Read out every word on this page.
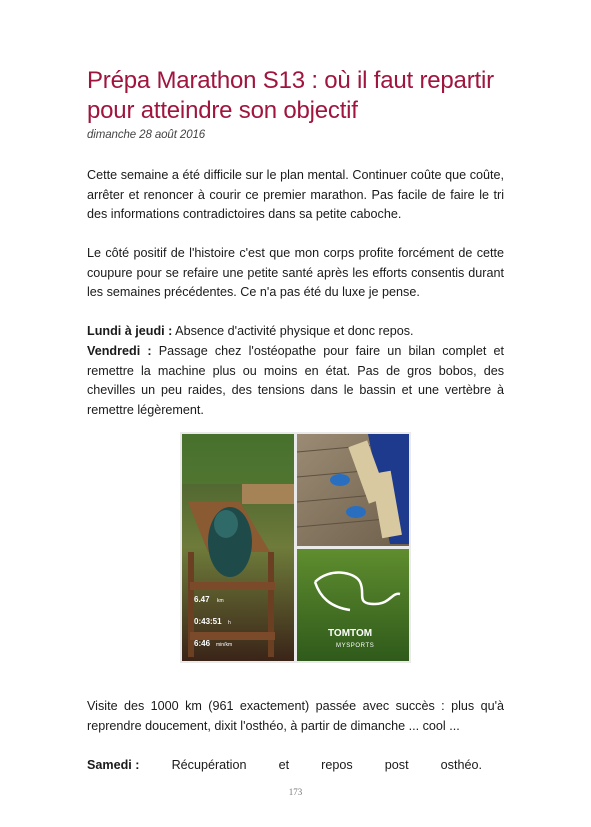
Prépa Marathon S13 : où il faut repartir pour atteindre son objectif

dimanche 28 août 2016

Cette semaine a été difficile sur le plan mental. Continuer coûte que coûte, arrêter et renoncer à courir ce premier marathon. Pas facile de faire le tri des informations contradictoires dans sa petite caboche.

Le côté positif de l'histoire c'est que mon corps profite forcément de cette coupure pour se refaire une petite santé après les efforts consentis durant les semaines précédentes. Ce n'a pas été du luxe je pense.

Lundi à jeudi : Absence d'activité physique et donc repos.

Vendredi : Passage chez l'ostéopathe pour faire un bilan complet et remettre la machine plus ou moins en état. Pas de gros bobos, des chevilles un peu raides, des tensions dans le bassin et une vertèbre à remettre légèrement.

6.47 km
0:43:51 h
6:46 min/km
TOMTOM
MYSPORTS

Visite des 1000 km (961 exactement) passée avec succès : plus qu'à reprendre doucement, dixit l'osthéo, à partir de dimanche ... cool ...

Samedi :	Récupération	et	repos	post	osthéo.
173
